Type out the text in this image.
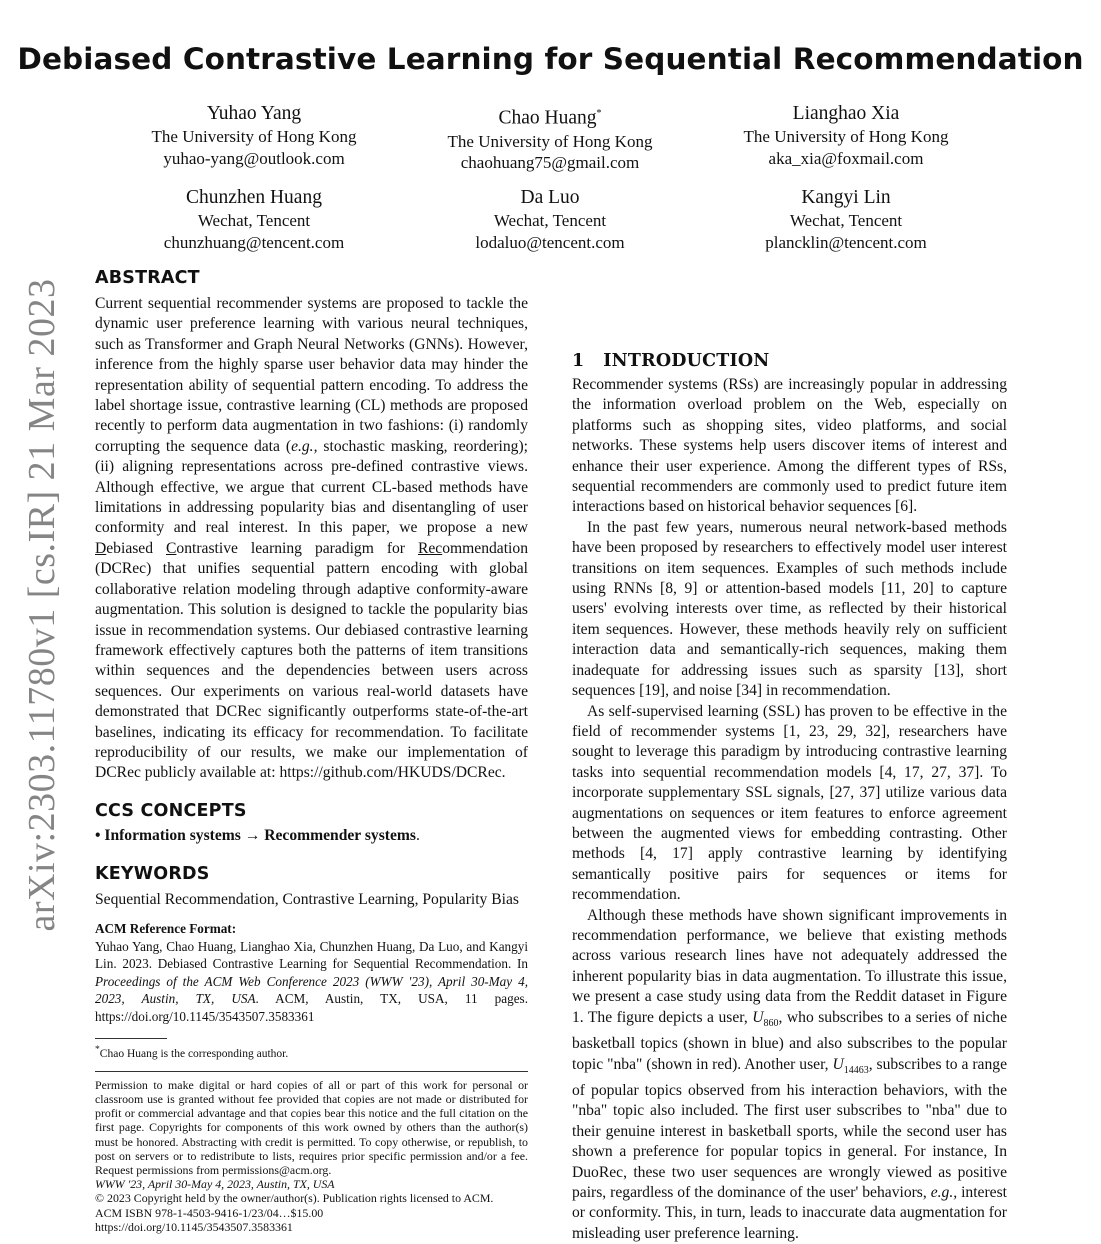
Debiased Contrastive Learning for Sequential Recommendation
Yuhao Yang
The University of Hong Kong
yuhao-yang@outlook.com
Chao Huang*
The University of Hong Kong
chaohuang75@gmail.com
Lianghao Xia
The University of Hong Kong
aka_xia@foxmail.com
Chunzhen Huang
Wechat, Tencent
chunzhuang@tencent.com
Da Luo
Wechat, Tencent
lodaluo@tencent.com
Kangyi Lin
Wechat, Tencent
plancklin@tencent.com
arXiv:2303.11780v1 [cs.IR] 21 Mar 2023
ABSTRACT

Current sequential recommender systems are proposed to tackle the dynamic user preference learning with various neural techniques, such as Transformer and Graph Neural Networks (GNNs). However, inference from the highly sparse user behavior data may hinder the representation ability of sequential pattern encoding. To address the label shortage issue, contrastive learning (CL) methods are proposed recently to perform data augmentation in two fashions: (i) randomly corrupting the sequence data (e.g., stochastic masking, reordering); (ii) aligning representations across pre-defined contrastive views. Although effective, we argue that current CL-based methods have limitations in addressing popularity bias and disentangling of user conformity and real interest. In this paper, we propose a new Debiased Contrastive learning paradigm for Recommendation (DCRec) that unifies sequential pattern encoding with global collaborative relation modeling through adaptive conformity-aware augmentation. This solution is designed to tackle the popularity bias issue in recommendation systems. Our debiased contrastive learning framework effectively captures both the patterns of item transitions within sequences and the dependencies between users across sequences. Our experiments on various real-world datasets have demonstrated that DCRec significantly outperforms state-of-the-art baselines, indicating its efficacy for recommendation. To facilitate reproducibility of our results, we make our implementation of DCRec publicly available at: https://github.com/HKUDS/DCRec.

CCS CONCEPTS

• Information systems → Recommender systems.

KEYWORDS

Sequential Recommendation, Contrastive Learning, Popularity Bias

ACM Reference Format:

Yuhao Yang, Chao Huang, Lianghao Xia, Chunzhen Huang, Da Luo, and Kangyi Lin. 2023. Debiased Contrastive Learning for Sequential Recommendation. In Proceedings of the ACM Web Conference 2023 (WWW '23), April 30-May 4, 2023, Austin, TX, USA. ACM, Austin, TX, USA, 11 pages. https://doi.org/10.1145/3543507.3583361

*Chao Huang is the corresponding author.

Permission to make digital or hard copies of all or part of this work for personal or classroom use is granted without fee provided that copies are not made or distributed for profit or commercial advantage and that copies bear this notice and the full citation on the first page. Copyrights for components of this work owned by others than the author(s) must be honored. Abstracting with credit is permitted. To copy otherwise, or republish, to post on servers or to redistribute to lists, requires prior specific permission and/or a fee. Request permissions from permissions@acm.org.

WWW '23, April 30-May 4, 2023, Austin, TX, USA

© 2023 Copyright held by the owner/author(s). Publication rights licensed to ACM.

ACM ISBN 978-1-4503-9416-1/23/04…$15.00

https://doi.org/10.1145/3543507.3583361

1 INTRODUCTION

Recommender systems (RSs) are increasingly popular in addressing the information overload problem on the Web, especially on platforms such as shopping sites, video platforms, and social networks. These systems help users discover items of interest and enhance their user experience. Among the different types of RSs, sequential recommenders are commonly used to predict future item interactions based on historical behavior sequences [6].

In the past few years, numerous neural network-based methods have been proposed by researchers to effectively model user interest transitions on item sequences. Examples of such methods include using RNNs [8, 9] or attention-based models [11, 20] to capture users' evolving interests over time, as reflected by their historical item sequences. However, these methods heavily rely on sufficient interaction data and semantically-rich sequences, making them inadequate for addressing issues such as sparsity [13], short sequences [19], and noise [34] in recommendation.

As self-supervised learning (SSL) has proven to be effective in the field of recommender systems [1, 23, 29, 32], researchers have sought to leverage this paradigm by introducing contrastive learning tasks into sequential recommendation models [4, 17, 27, 37]. To incorporate supplementary SSL signals, [27, 37] utilize various data augmentations on sequences or item features to enforce agreement between the augmented views for embedding contrasting. Other methods [4, 17] apply contrastive learning by identifying semantically positive pairs for sequences or items for recommendation.

Although these methods have shown significant improvements in recommendation performance, we believe that existing methods across various research lines have not adequately addressed the inherent popularity bias in data augmentation. To illustrate this issue, we present a case study using data from the Reddit dataset in Figure 1. The figure depicts a user, $U_{860}$, who subscribes to a series of niche basketball topics (shown in blue) and also subscribes to the popular topic "nba" (shown in red). Another user, $U_{14463}$, subscribes to a range of popular topics observed from his interaction behaviors, with the "nba" topic also included. The first user subscribes to "nba" due to their genuine interest in basketball sports, while the second user has shown a preference for popular topics in general. For instance, In DuoRec, these two user sequences are wrongly viewed as positive pairs, regardless of the dominance of the user' behaviors, e.g., interest or conformity. This, in turn, leads to inaccurate data augmentation for misleading user preference learning.
